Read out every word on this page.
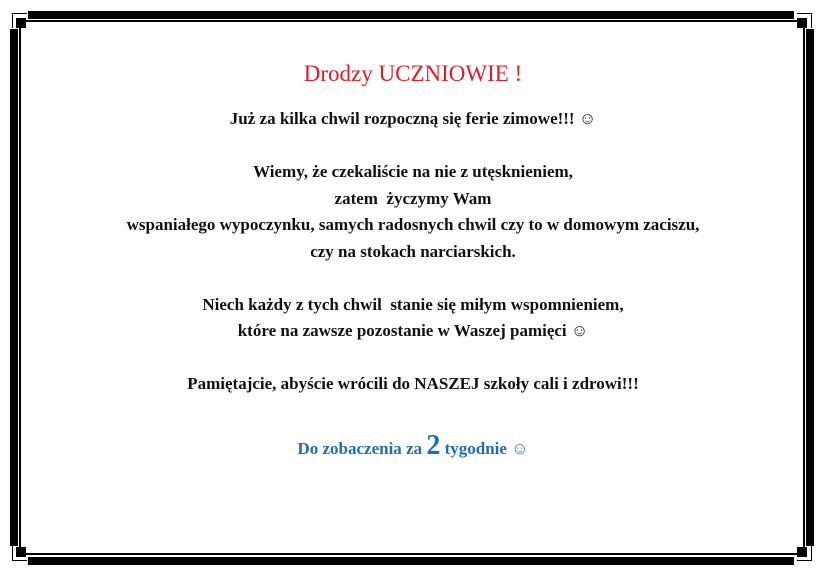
Drodzy UCZNIOWIE !
Już za kilka chwil rozpoczną się ferie zimowe!!! ☺
Wiemy, że czekaliście na nie z utęsknieniem,
zatem  życzymy Wam
wspaniałego wypoczynku, samych radosnych chwil czy to w domowym zaciszu,
czy na stokach narciarskich.
Niech każdy z tych chwil  stanie się miłym wspomnieniem,
które na zawsze pozostanie w Waszej pamięci ☺
Pamiętajcie, abyście wrócili do NASZEJ szkoły cali i zdrowi!!!
Do zobaczenia za 2 tygodnie ☺
